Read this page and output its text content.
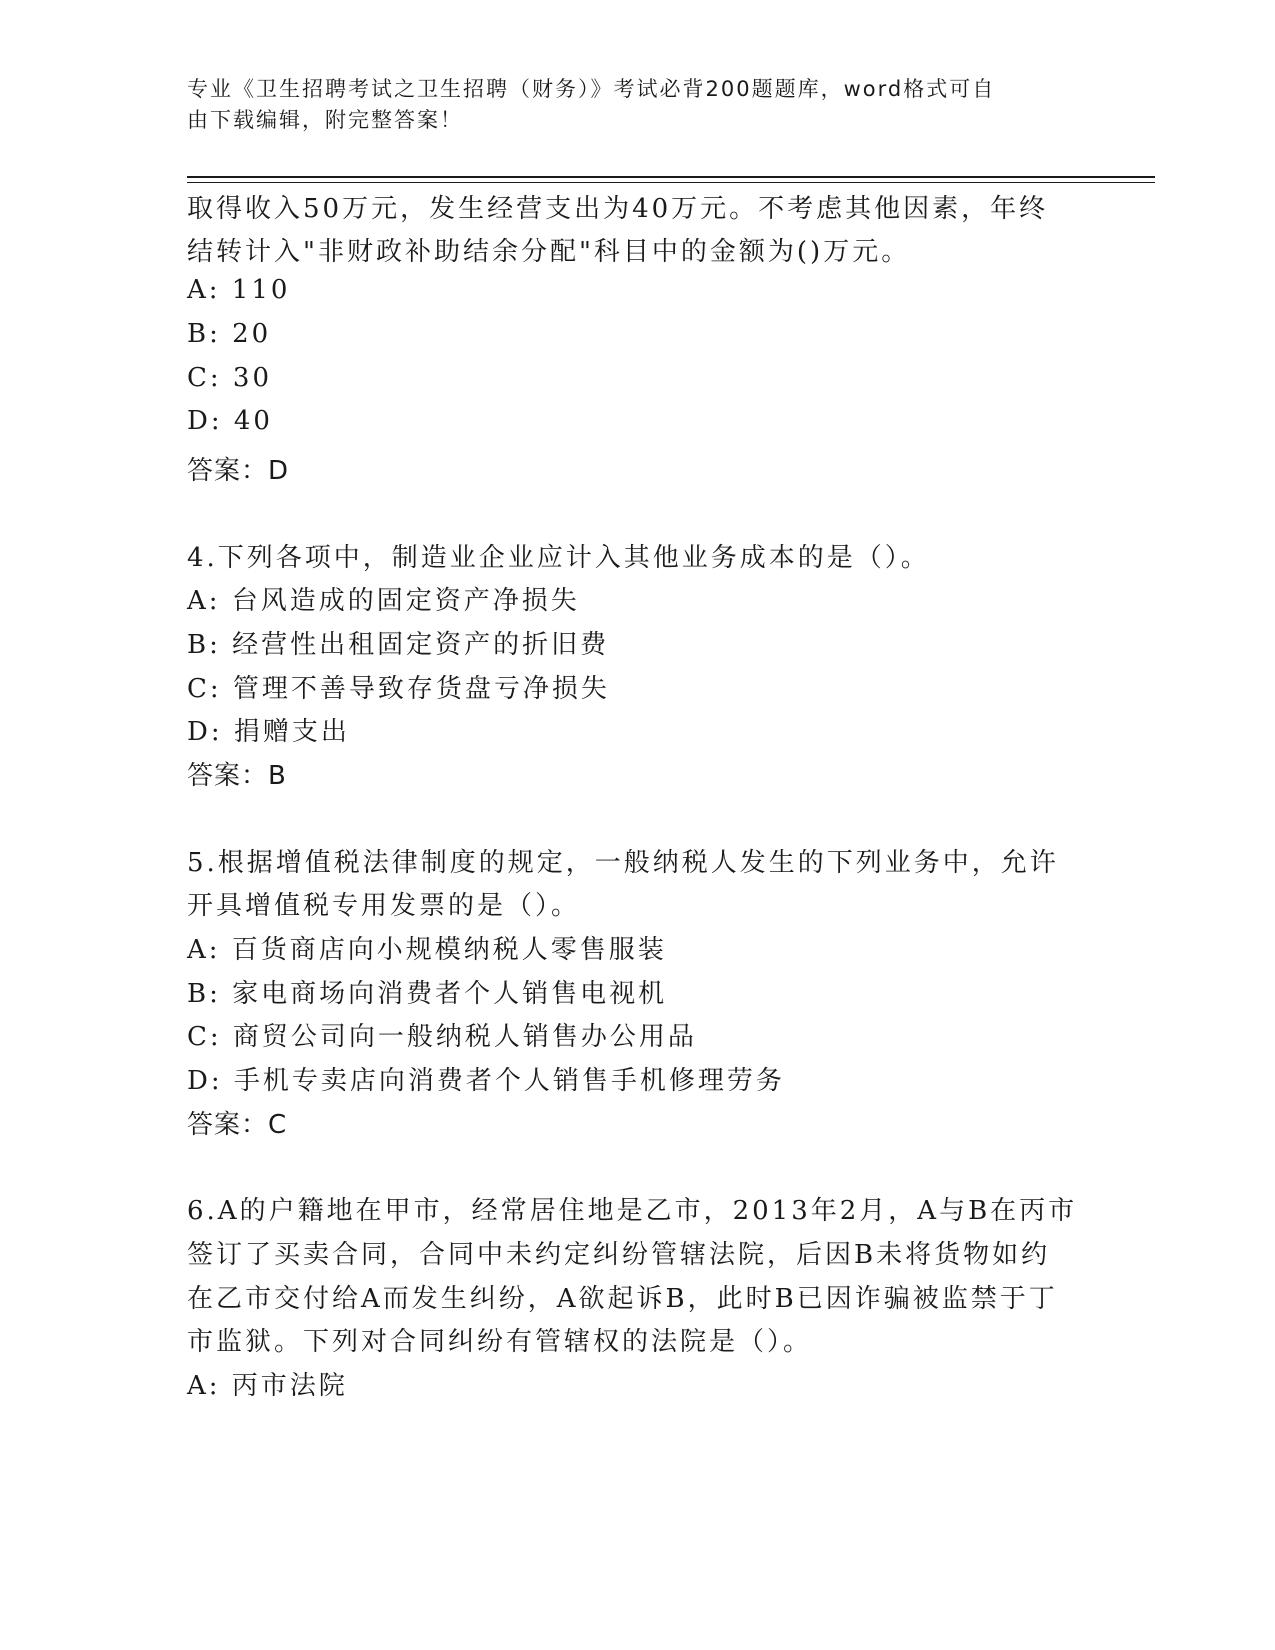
专业《卫生招聘考试之卫生招聘（财务）》考试必背200题题库，word格式可自
由下载编辑，附完整答案！
取得收入50万元，发生经营支出为40万元。不考虑其他因素，年终
结转计入"非财政补助结余分配"科目中的金额为()万元。
A: 110
B: 20
C: 30
D: 40
答案：D
4.下列各项中，制造业企业应计入其他业务成本的是（）。
A: 台风造成的固定资产净损失
B: 经营性出租固定资产的折旧费
C: 管理不善导致存货盘亏净损失
D: 捐赠支出
答案：B
5.根据增值税法律制度的规定，一般纳税人发生的下列业务中，允许
开具增值税专用发票的是（）。
A: 百货商店向小规模纳税人零售服装
B: 家电商场向消费者个人销售电视机
C: 商贸公司向一般纳税人销售办公用品
D: 手机专卖店向消费者个人销售手机修理劳务
答案：C
6.A的户籍地在甲市，经常居住地是乙市，2013年2月，A与B在丙市
签订了买卖合同，合同中未约定纠纷管辖法院，后因B未将货物如约
在乙市交付给A而发生纠纷，A欲起诉B，此时B已因诈骗被监禁于丁
市监狱。下列对合同纠纷有管辖权的法院是（）。
A: 丙市法院
